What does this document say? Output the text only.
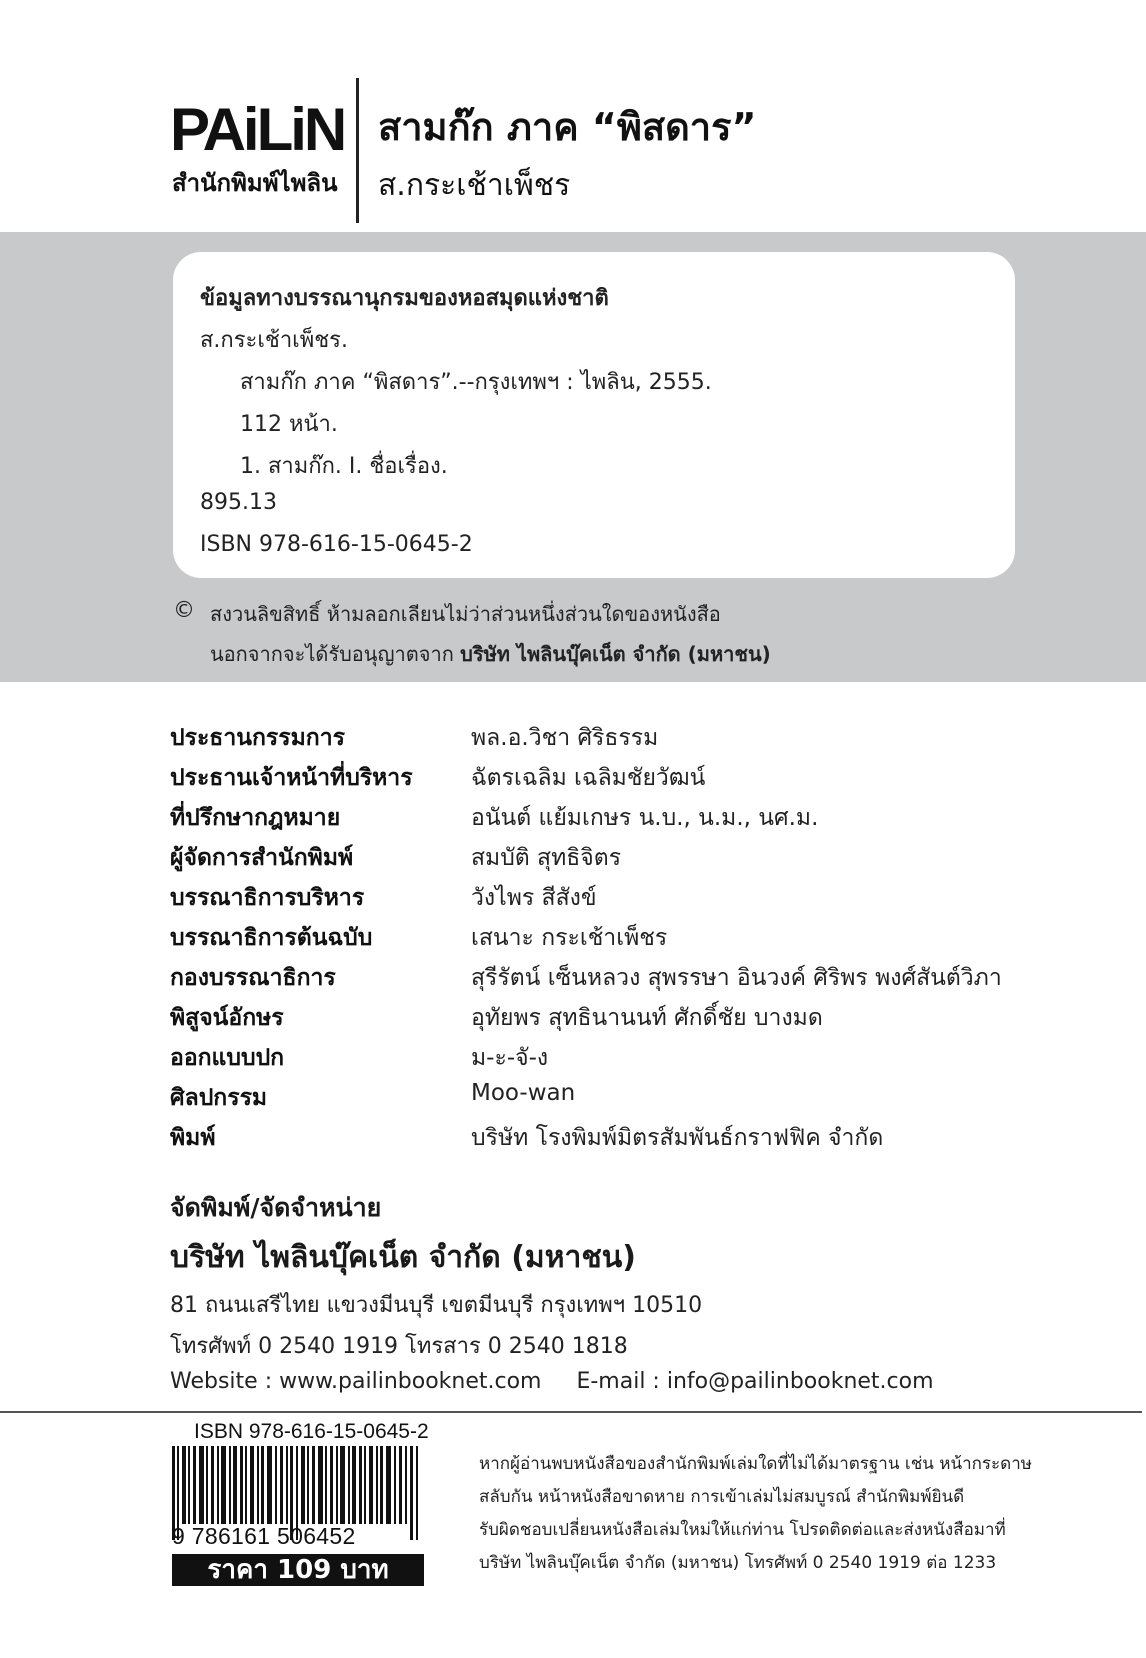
PAiLiN
สำนักพิมพ์ไพลิน
สามก๊ก ภาค “พิสดาร”
ส.กระเช้าเพ็ชร
ข้อมูลทางบรรณานุกรมของหอสมุดแห่งชาติ
ส.กระเช้าเพ็ชร.
สามก๊ก ภาค “พิสดาร”.--กรุงเทพฯ : ไพลิน, 2555.
112 หน้า.
1. สามก๊ก. I. ชื่อเรื่อง.
895.13
ISBN 978-616-15-0645-2
© สงวนลิขสิทธิ์ ห้ามลอกเลียนไม่ว่าส่วนหนึ่งส่วนใดของหนังสือ
นอกจากจะได้รับอนุญาตจาก บริษัท ไพลินบุ๊คเน็ต จำกัด (มหาชน)
ประธานกรรมการ	พล.อ.วิชา ศิริธรรม
ประธานเจ้าหน้าที่บริหาร	ฉัตรเฉลิม เฉลิมชัยวัฒน์
ที่ปรึกษากฎหมาย	อนันต์ แย้มเกษร น.บ., น.ม., นศ.ม.
ผู้จัดการสำนักพิมพ์	สมบัติ สุทธิจิตร
บรรณาธิการบริหาร	วังไพร สีสังข์
บรรณาธิการต้นฉบับ	เสนาะ กระเช้าเพ็ชร
กองบรรณาธิการ	สุรีรัตน์ เซ็นหลวง สุพรรษา อินวงค์ ศิริพร พงศ์สันต์วิภา
พิสูจน์อักษร	อุทัยพร สุทธินานนท์ ศักดิ์ชัย บางมด
ออกแบบปก	ม-ะ-จั-ง
ศิลปกรรม	Moo-wan
พิมพ์	บริษัท โรงพิมพ์มิตรสัมพันธ์กราฟฟิค จำกัด
จัดพิมพ์/จัดจำหน่าย
บริษัท ไพลินบุ๊คเน็ต จำกัด (มหาชน)
81 ถนนเสรีไทย แขวงมีนบุรี เขตมีนบุรี กรุงเทพฯ 10510
โทรศัพท์ 0 2540 1919 โทรสาร 0 2540 1818
Website : www.pailinbooknet.com     E-mail : info@pailinbooknet.com
ISBN 978-616-15-0645-2
9 786161 506452
ราคา 109 บาท
หากผู้อ่านพบหนังสือของสำนักพิมพ์เล่มใดที่ไม่ได้มาตรฐาน เช่น หน้ากระดาษ
สลับกัน หน้าหนังสือขาดหาย การเข้าเล่มไม่สมบูรณ์ สำนักพิมพ์ยินดี
รับผิดชอบเปลี่ยนหนังสือเล่มใหม่ให้แก่ท่าน โปรดติดต่อและส่งหนังสือมาที่
บริษัท ไพลินบุ๊คเน็ต จำกัด (มหาชน) โทรศัพท์ 0 2540 1919 ต่อ 1233
